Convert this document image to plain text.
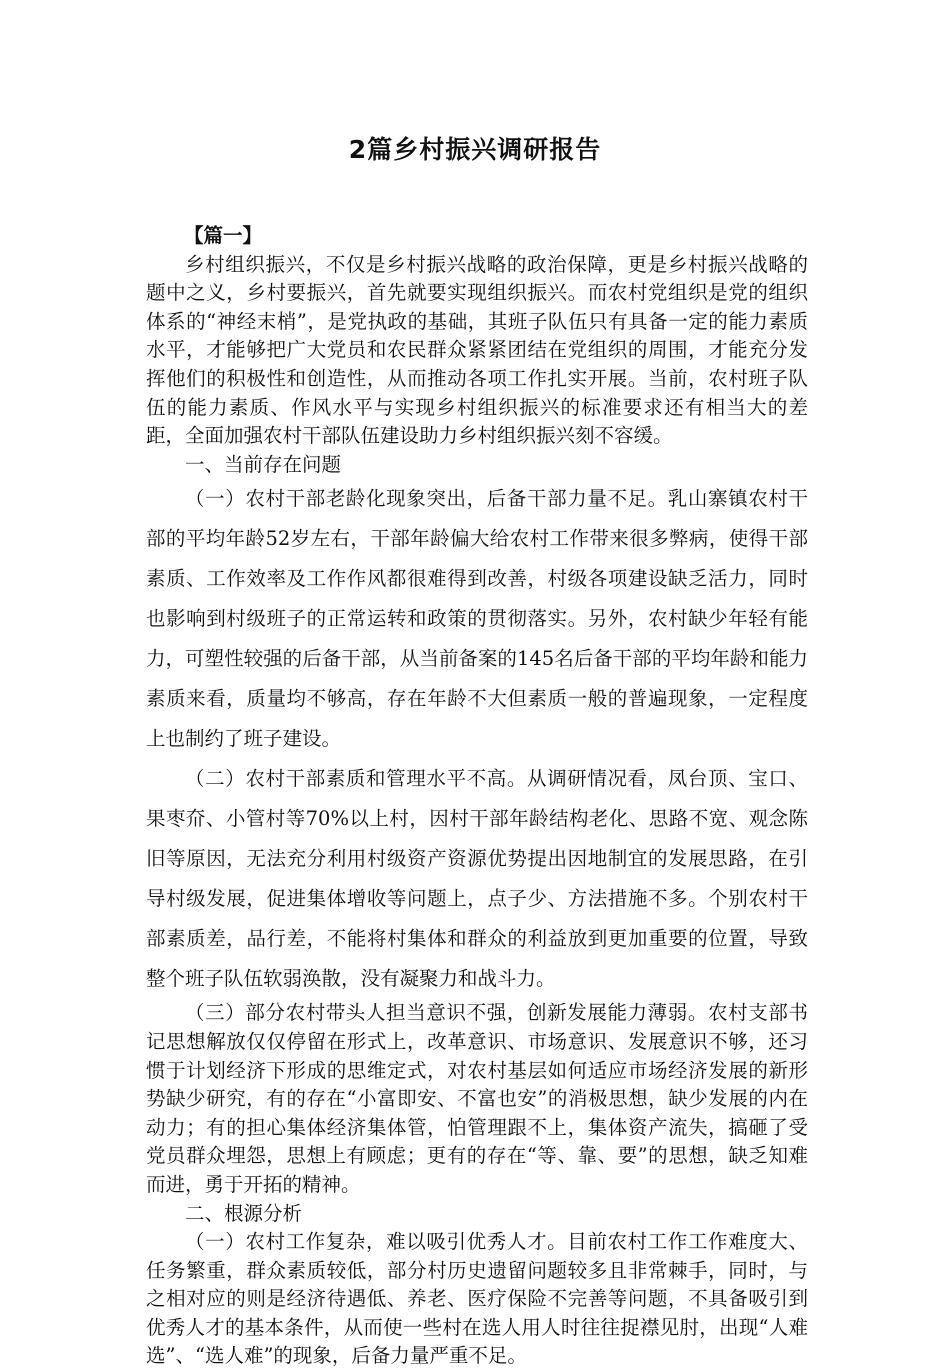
2篇乡村振兴调研报告
【篇一】

乡村组织振兴，不仅是乡村振兴战略的政治保障，更是乡村振兴战略的题中之义，乡村要振兴，首先就要实现组织振兴。而农村党组织是党的组织体系的“神经末梢”，是党执政的基础，其班子队伍只有具备一定的能力素质水平，才能够把广大党员和农民群众紧紧团结在党组织的周围，才能充分发挥他们的积极性和创造性，从而推动各项工作扎实开展。当前，农村班子队伍的能力素质、作风水平与实现乡村组织振兴的标准要求还有相当大的差距，全面加强农村干部队伍建设助力乡村组织振兴刻不容缓。

一、当前存在问题

（一）农村干部老龄化现象突出，后备干部力量不足。乳山寨镇农村干部的平均年龄52岁左右，干部年龄偏大给农村工作带来很多弊病，使得干部素质、工作效率及工作作风都很难得到改善，村级各项建设缺乏活力，同时也影响到村级班子的正常运转和政策的贯彻落实。另外，农村缺少年轻有能力，可塑性较强的后备干部，从当前备案的145名后备干部的平均年龄和能力素质来看，质量均不够高，存在年龄不大但素质一般的普遍现象，一定程度上也制约了班子建设。

（二）农村干部素质和管理水平不高。从调研情况看，凤台顶、宝口、果枣夼、小管村等70%以上村，因村干部年龄结构老化、思路不宽、观念陈旧等原因，无法充分利用村级资产资源优势提出因地制宜的发展思路，在引导村级发展，促进集体增收等问题上，点子少、方法措施不多。个别农村干部素质差，品行差，不能将村集体和群众的利益放到更加重要的位置，导致整个班子队伍软弱涣散，没有凝聚力和战斗力。

（三）部分农村带头人担当意识不强，创新发展能力薄弱。农村支部书记思想解放仅仅停留在形式上，改革意识、市场意识、发展意识不够，还习惯于计划经济下形成的思维定式，对农村基层如何适应市场经济发展的新形势缺少研究，有的存在“小富即安、不富也安”的消极思想，缺少发展的内在动力；有的担心集体经济集体管，怕管理跟不上，集体资产流失，搞砸了受党员群众埋怨，思想上有顾虑；更有的存在“等、靠、要”的思想，缺乏知难而进，勇于开拓的精神。

二、根源分析

（一）农村工作复杂，难以吸引优秀人才。目前农村工作工作难度大、任务繁重，群众素质较低，部分村历史遗留问题较多且非常棘手，同时，与之相对应的则是经济待遇低、养老、医疗保险不完善等问题，不具备吸引到优秀人才的基本条件，从而使一些村在选人用人时往往捉襟见肘，出现“人难选”、“选人难”的现象，后备力量严重不足。
